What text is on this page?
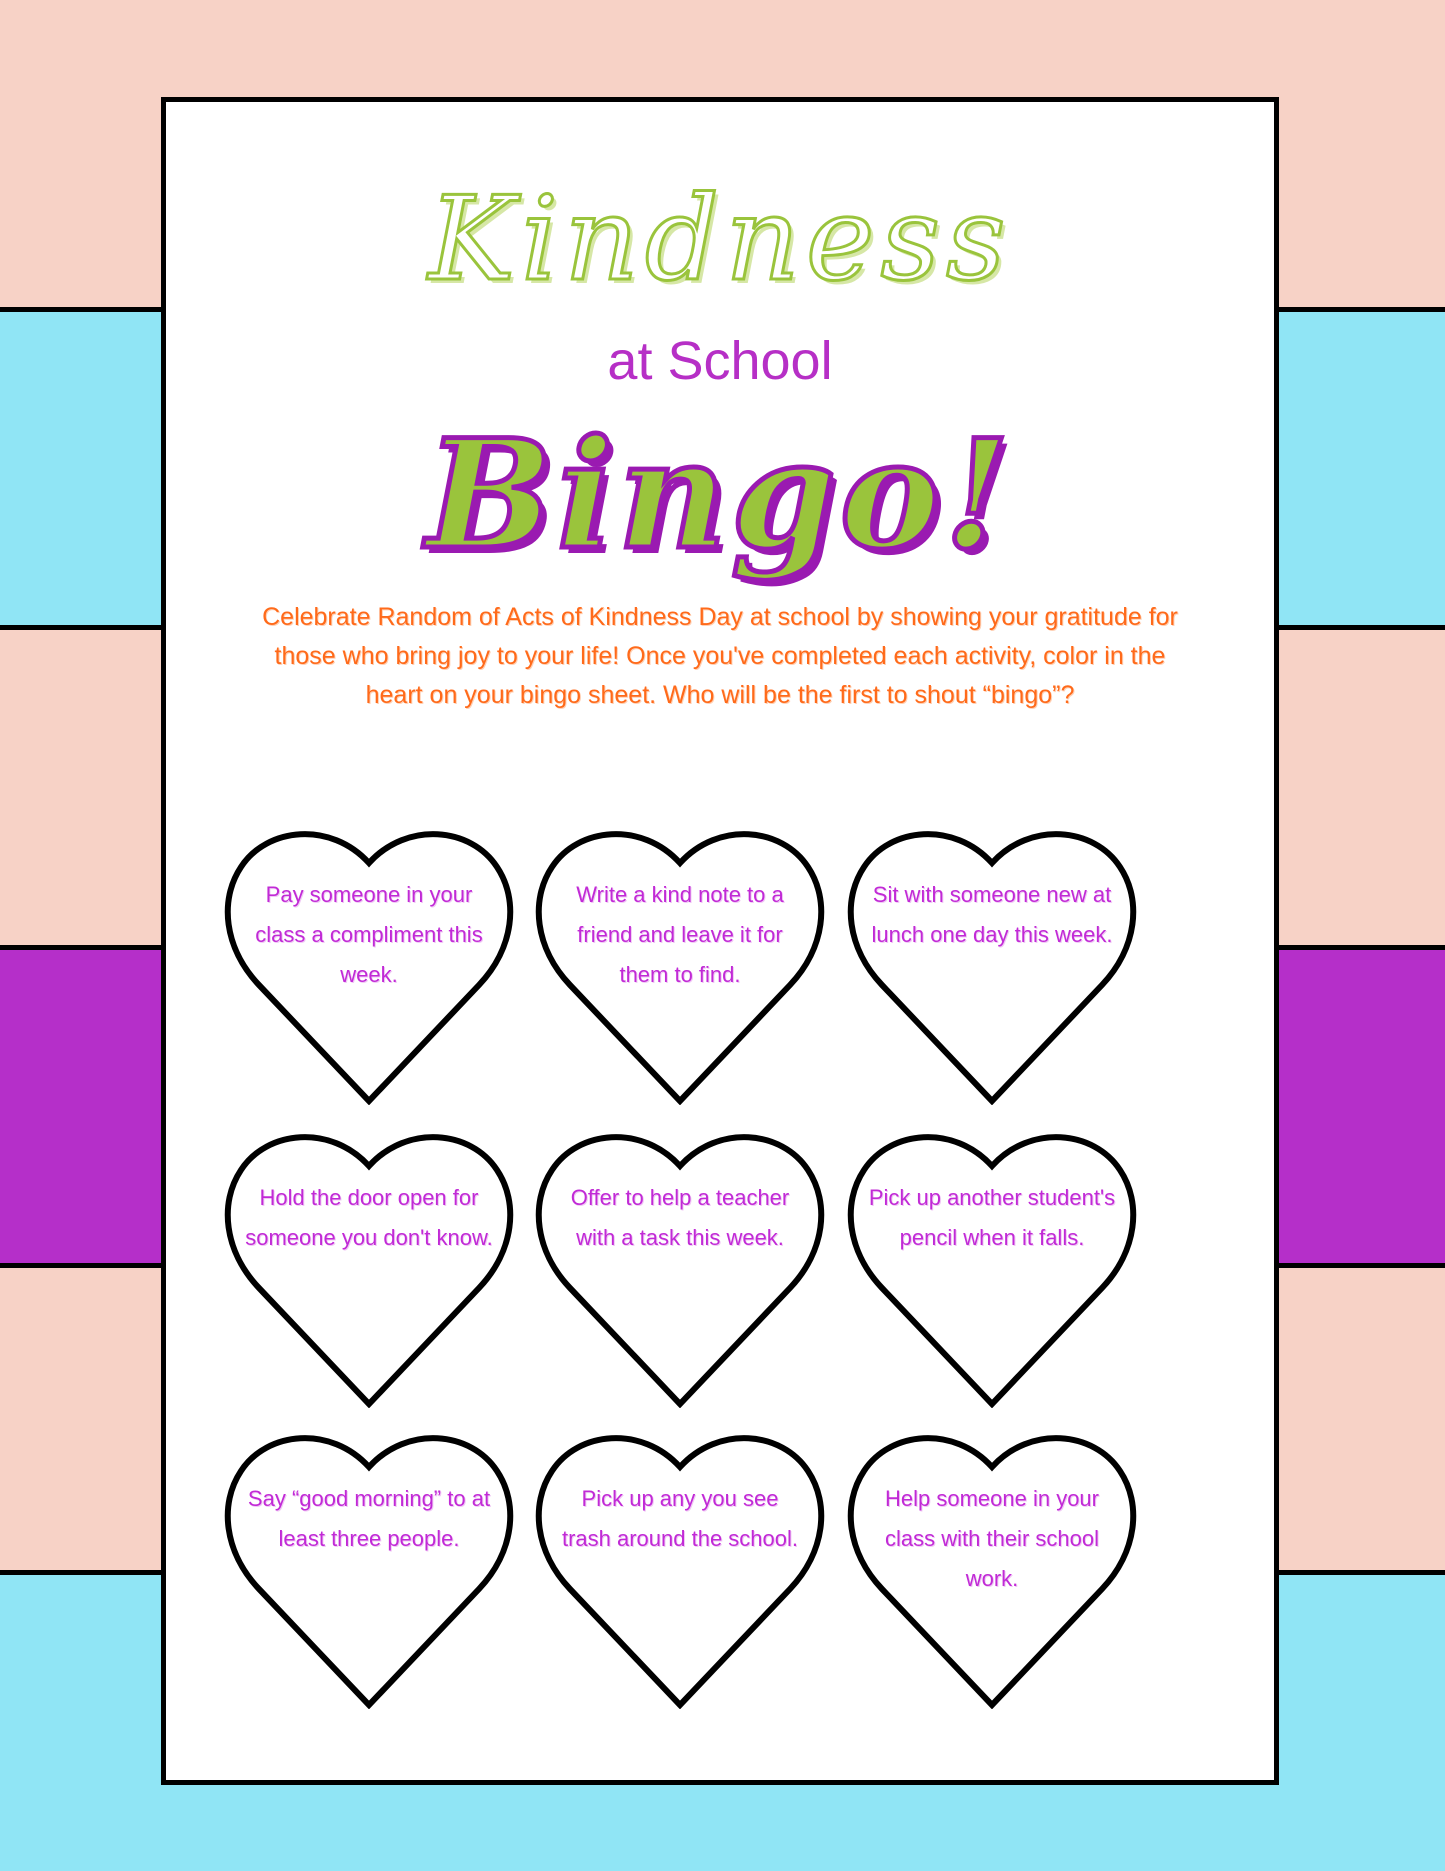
Kindness
at School
Bingo!
Celebrate Random of Acts of Kindness Day at school by showing your gratitude for those who bring joy to your life! Once you've completed each activity, color in the heart on your bingo sheet. Who will be the first to shout “bingo”?
Pay someone in your class a compliment this week.
Write a kind note to a friend and leave it for them to find.
Sit with someone new at lunch one day this week.
Hold the door open for someone you don't know.
Offer to help a teacher with a task this week.
Pick up another student's pencil when it falls.
Say “good morning” to at least three people.
Pick up any you see trash around the school.
Help someone in your class with their school work.
